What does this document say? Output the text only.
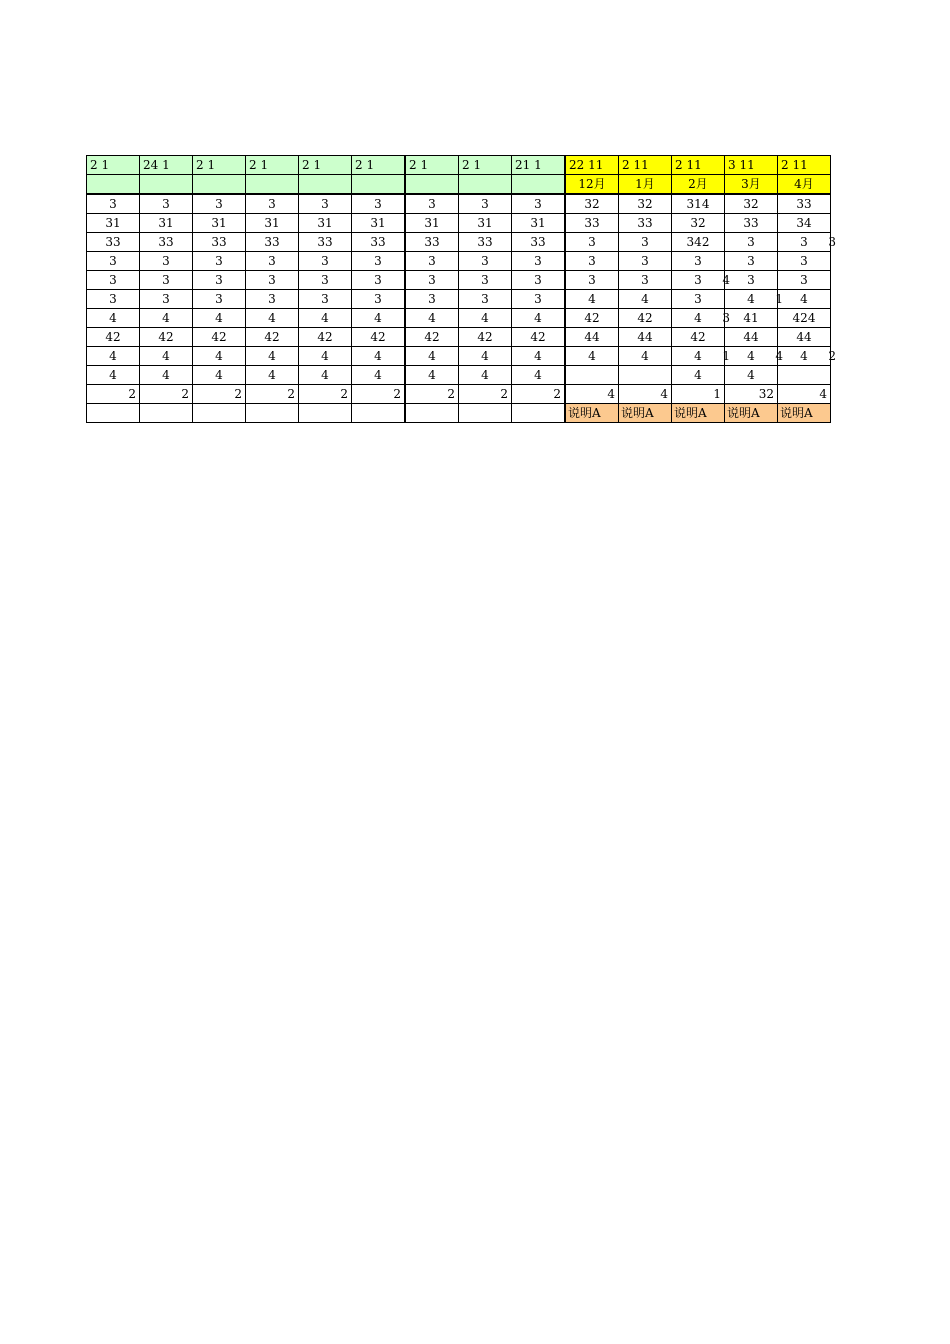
2 1	24 1	2 1	2 1	2 1	2 1	2 1	2 1	21 1	22 11	2 11	2 11	3 11	2 11
									12月	1月	2月	3月	4月
3	3	3	3	3	3	3	3	3	32	32	314	32	33
31	31	31	31	31	31	31	31	31	33	33	32	33	34
33	33	33	33	33	33	33	33	33	3	3	342	3	3 3

3	3	3	3	3	3	3	3	3	3	3	3	3	3
3	3	3	3	3	3	3	3	3	3	3	3 4	3	3
3	3	3	3	3	3	3	3	3	4	4	3	4 1	4
4	4	4	4	4	4	4	4	4	42	42	4 3	41	424
42	42	42	42	42	42	42	42	42	44	44	42	44	44
4	4	4	4	4	4	4	4	4	4	4	4 1	4 4	4 2

4	4	4	4	4	4	4	4	4			4	4	
2	2	2	2	2	2	2	2	2	4	4	1	32	4
									说明A	说明A	说明A	说明A	说明A
